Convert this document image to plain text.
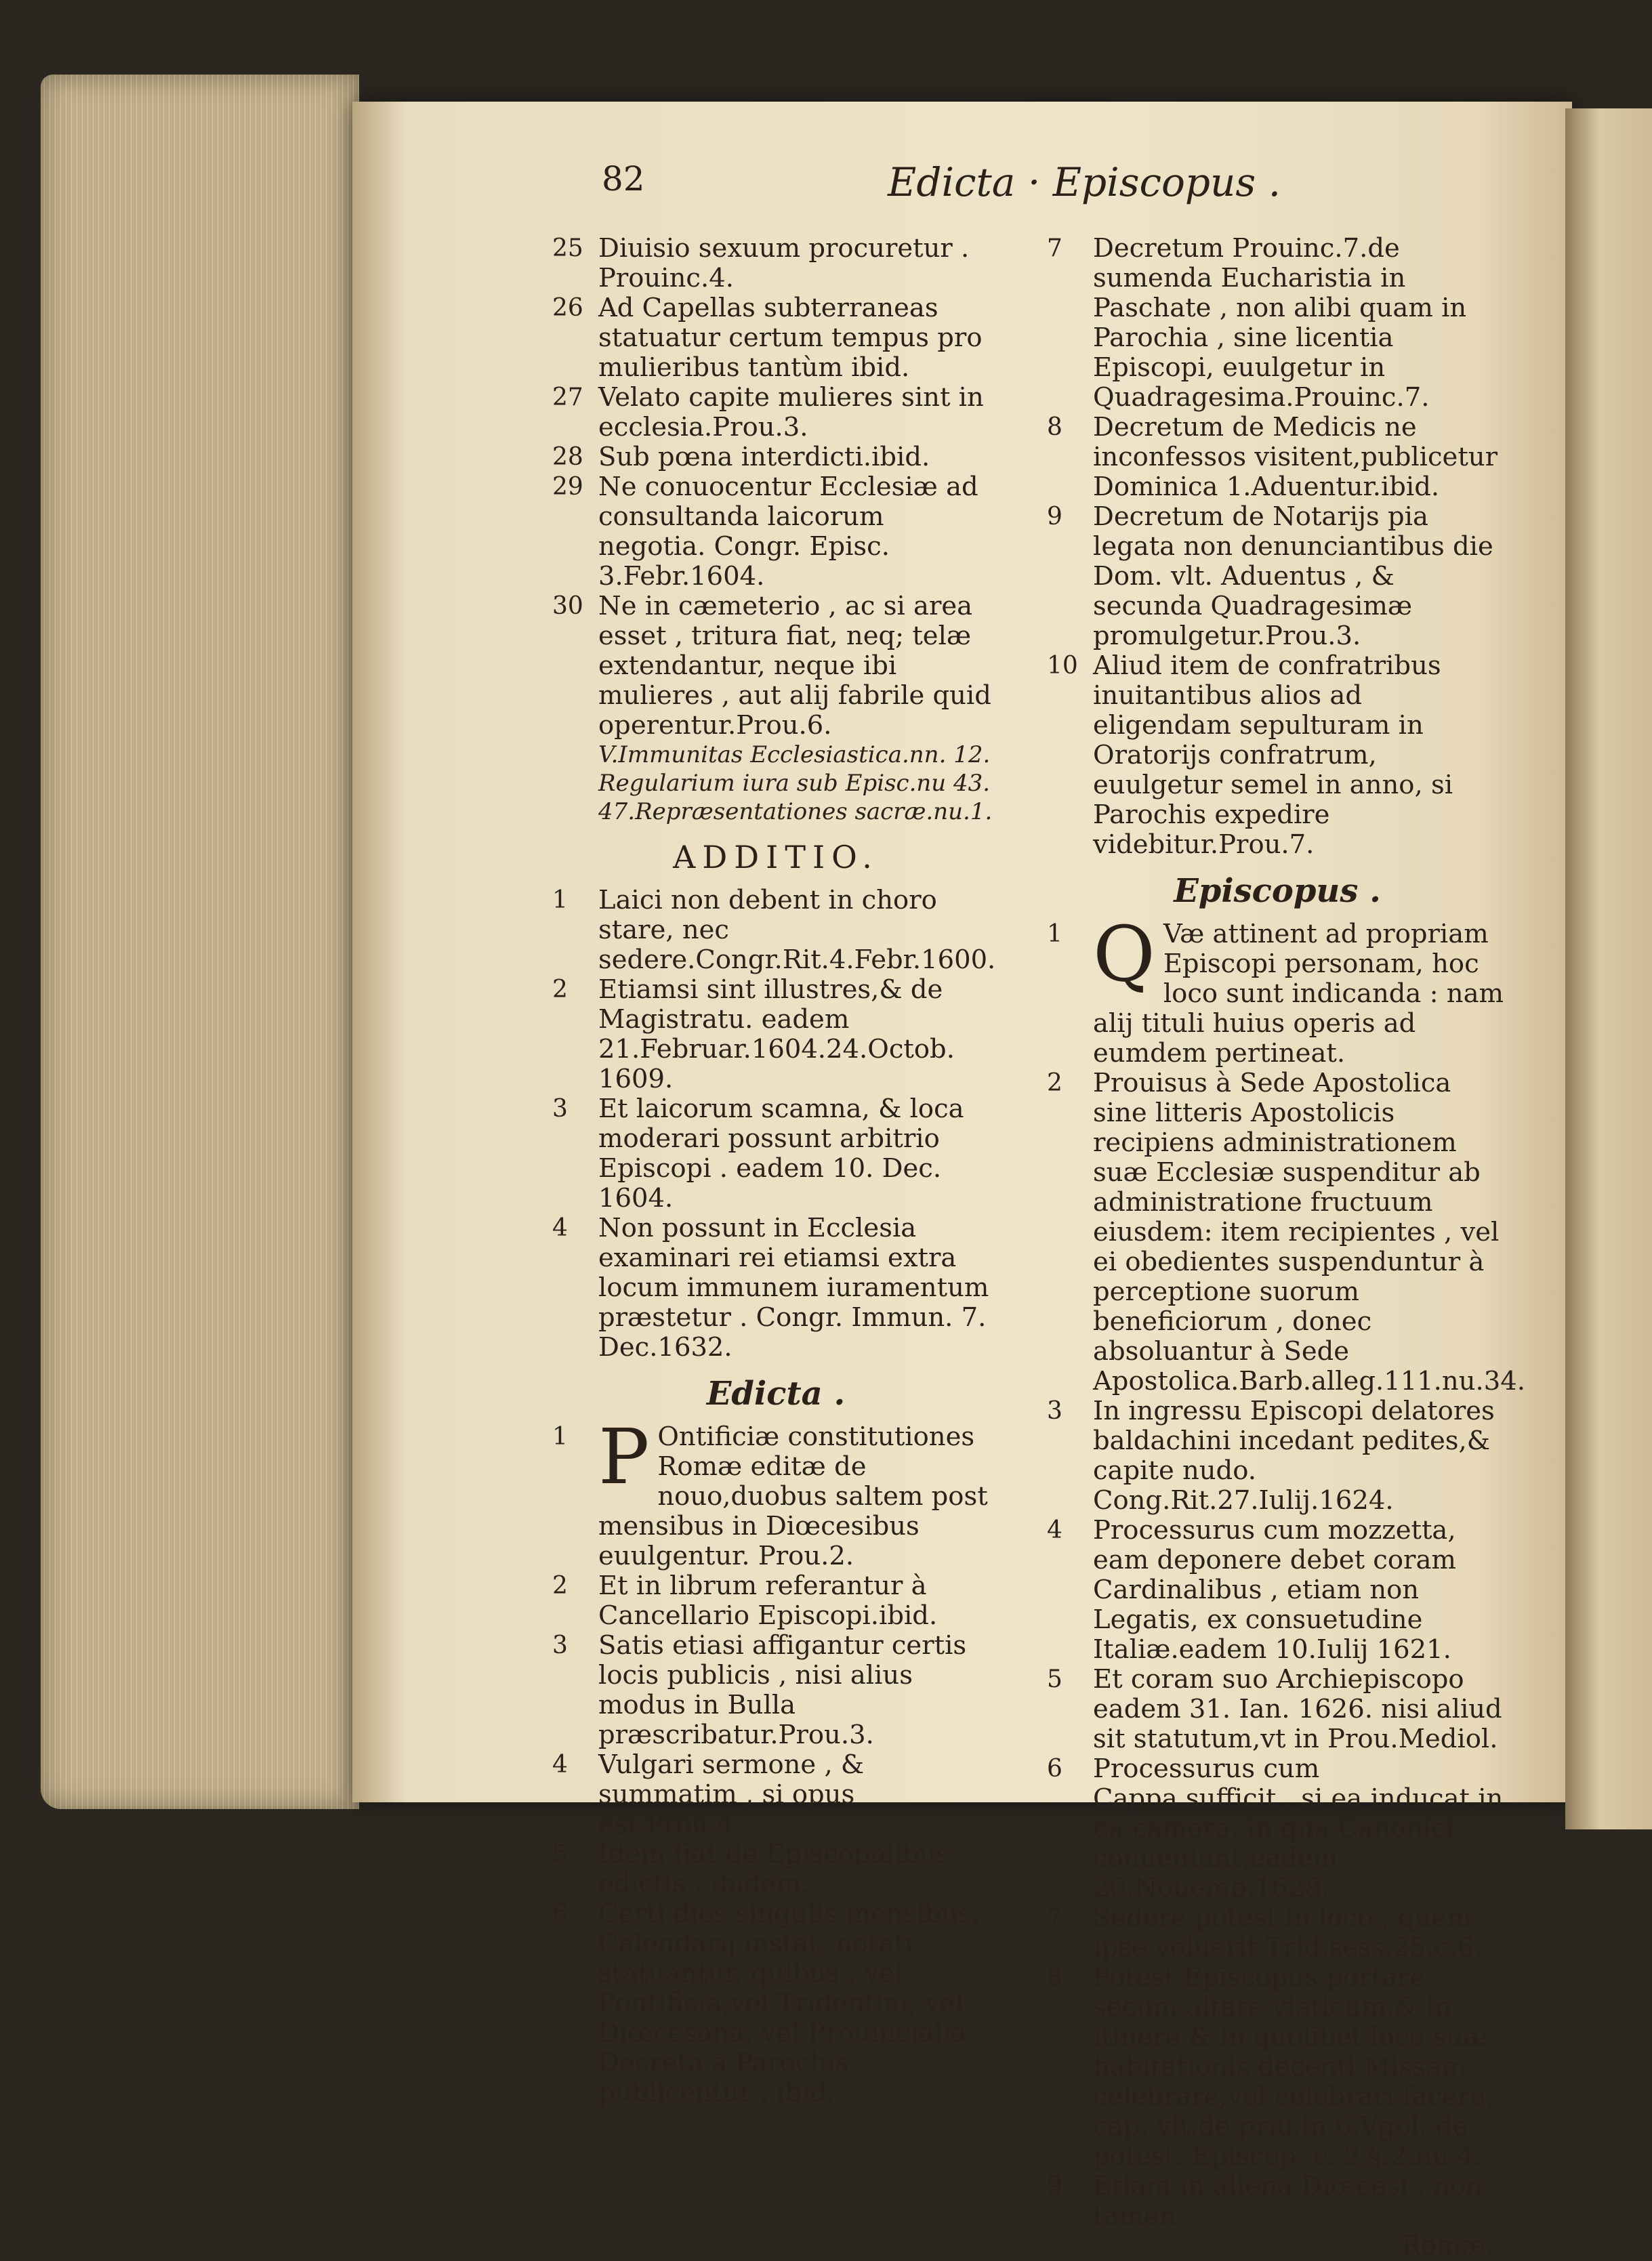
82	Edicta · Episcopus .

25 Diuisio sexuum procuretur . Prouinc.4.

26 Ad Capellas subterraneas statuatur certum tempus pro mulieribus tantùm ibid.

27 Velato capite mulieres sint in ecclesia.Prou.3.

28 Sub pœna interdicti.ibid.

29 Ne conuocentur Ecclesiæ ad consultanda laicorum negotia. Congr. Episc. 3.Febr.1604.

30 Ne in cæmeterio , ac si area esset , tritura fiat, neq; telæ extendantur, neque ibi mulieres , aut alij fabrile quid operentur.Prou.6.

V.Immunitas Ecclesiastica.nn. 12. Regularium iura sub Episc.nu 43. 47.Repræsentationes sacræ.nu.1.
ADDITIO.

1 Laici non debent in choro stare, nec sedere.Congr.Rit.4.Febr.1600.

2 Etiamsi sint illustres,& de Magistratu. eadem 21.Februar.1604.24.Octob. 1609.

3 Et laicorum scamna, & loca moderari possunt arbitrio Episcopi . eadem 10. Dec. 1604.

4 Non possunt in Ecclesia examinari rei etiamsi extra locum immunem iuramentum præstetur . Congr. Immun. 7. Dec.1632.

Edicta .

1 P Ontificiæ constitutiones Romæ editæ de nouo,duobus saltem post mensibus in Diœcesibus euulgentur. Prou.2.

2 Et in librum referantur à Cancellario Episcopi.ibid.

3 Satis etiasi affigantur certis locis publicis , nisi alius modus in Bulla præscribatur.Prou.3.

4 Vulgari sermone , & summatim , si opus est.Prou.4.

5 Idem fiat de Episcopalibus edictis . ibidem.

6 Certi dies singulis mensibus, Calendarij instat, notati statuantur, quibus , vel Pontificia,vel Tridentini, vel Diœcesana, vel Prouincialia Decreta à Parochis publicentur . ibid.

7 Decretum Prouinc.7.de sumenda Eucharistia in Paschate , non alibi quam in Parochia , sine licentia Episcopi, euulgetur in Quadragesima.Prouinc.7.

8 Decretum de Medicis ne inconfessos visitent,publicetur Dominica 1.Aduentur.ibid.

9 Decretum de Notarijs pia legata non denunciantibus die Dom. vlt. Aduentus , & secunda Quadragesimæ promulgetur.Prou.3.

10 Aliud item de confratribus inuitantibus alios ad eligendam sepulturam in Oratorijs confratrum, euulgetur semel in anno, si Parochis expedire videbitur.Prou.7.

Episcopus .

1 Q Væ attinent ad propriam Episcopi personam, hoc loco sunt indicanda : nam alij tituli huius operis ad eumdem pertineat.

2 Prouisus à Sede Apostolica sine litteris Apostolicis recipiens administrationem suæ Ecclesiæ suspenditur ab administratione fructuum eiusdem: item recipientes , vel ei obedientes suspenduntur à perceptione suorum beneficiorum , donec absoluantur à Sede Apostolica.Barb.alleg.111.nu.34.

3 In ingressu Episcopi delatores baldachini incedant pedites,& capite nudo. Cong.Rit.27.Iulij.1624.

4 Processurus cum mozzetta, eam deponere debet coram Cardinalibus , etiam non Legatis, ex consuetudine Italiæ.eadem 10.Iulij 1621.

5 Et coram suo Archiepiscopo eadem 31. Ian. 1626. nisi aliud sit statutum,vt in Prou.Mediol.

6 Processurus cum Cappa,sufficit , si ea inducat in ea camera, in qua Canonici conueniunt.eadem 20.Nouemb.1628.

7 Sedere potest in loco , quem ipse voluerit Trid.sess.25.c.6.

8 Potest Episcopus portare secum altare viaticum,& in itinere & in quolibet loco suæ habitationis decenti Missam celebrare,vel celebrari facere. cap. vlt.de priu.in 6.Vgol. de potest. Episcop. c. 2.§.2.nu.4.

9 Etiam in aliena Diœcesi , non tamen

Romæ.
